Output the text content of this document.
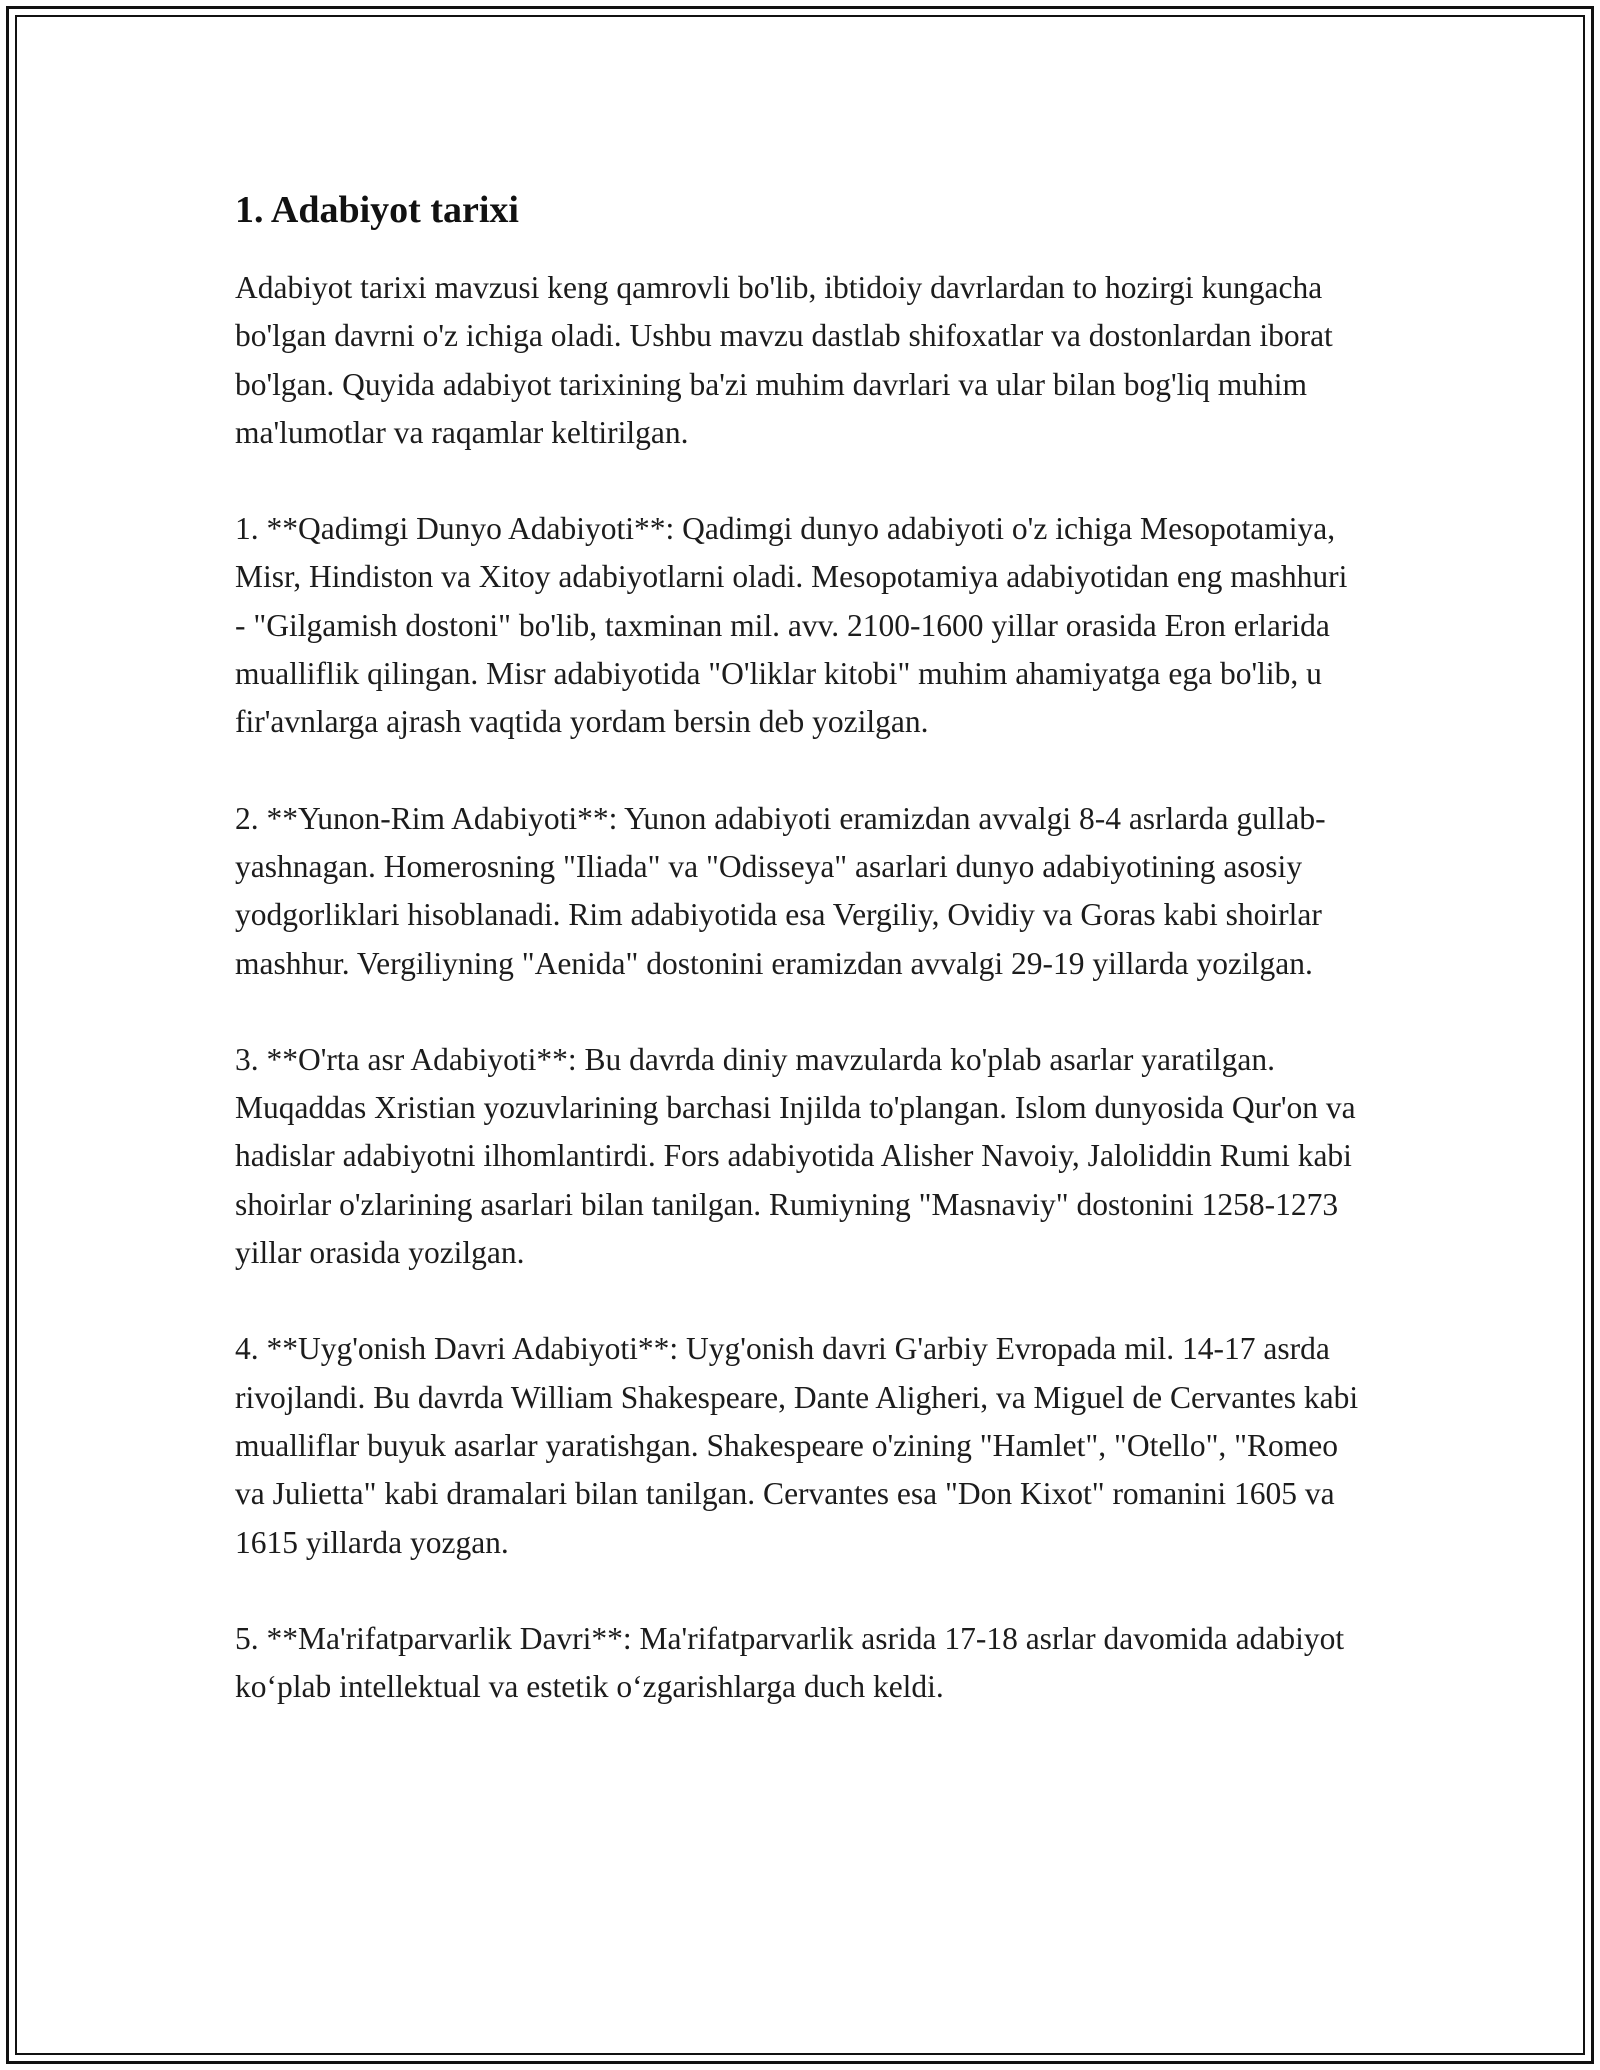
1. Adabiyot tarixi

Adabiyot tarixi mavzusi keng qamrovli bo'lib, ibtidoiy davrlardan to hozirgi kungacha bo'lgan davrni o'z ichiga oladi. Ushbu mavzu dastlab shifoxatlar va dostonlardan iborat bo'lgan. Quyida adabiyot tarixining ba'zi muhim davrlari va ular bilan bog'liq muhim ma'lumotlar va raqamlar keltirilgan.

1. **Qadimgi Dunyo Adabiyoti**: Qadimgi dunyo adabiyoti o'z ichiga Mesopotamiya, Misr, Hindiston va Xitoy adabiyotlarni oladi. Mesopotamiya adabiyotidan eng mashhuri - "Gilgamish dostoni" bo'lib, taxminan mil. avv. 2100-1600 yillar orasida Eron erlarida mualliflik qilingan. Misr adabiyotida "O'liklar kitobi" muhim ahamiyatga ega bo'lib, u fir'avnlarga ajrash vaqtida yordam bersin deb yozilgan.

2. **Yunon-Rim Adabiyoti**: Yunon adabiyoti eramizdan avvalgi 8-4 asrlarda gullab-yashnagan. Homerosning "Iliada" va "Odisseya" asarlari dunyo adabiyotining asosiy yodgorliklari hisoblanadi. Rim adabiyotida esa Vergiliy, Ovidiy va Goras kabi shoirlar mashhur. Vergiliyning "Aenida" dostonini eramizdan avvalgi 29-19 yillarda yozilgan.

3. **O'rta asr Adabiyoti**: Bu davrda diniy mavzularda ko'plab asarlar yaratilgan. Muqaddas Xristian yozuvlarining barchasi Injilda to'plangan. Islom dunyosida Qur'on va hadislar adabiyotni ilhomlantirdi. Fors adabiyotida Alisher Navoiy, Jaloliddin Rumi kabi shoirlar o'zlarining asarlari bilan tanilgan. Rumiyning "Masnaviy" dostonini 1258-1273 yillar orasida yozilgan.

4. **Uyg'onish Davri Adabiyoti**: Uyg'onish davri G'arbiy Evropada mil. 14-17 asrda rivojlandi. Bu davrda William Shakespeare, Dante Aligheri, va Miguel de Cervantes kabi mualliflar buyuk asarlar yaratishgan. Shakespeare o'zining "Hamlet", "Otello", "Romeo va Julietta" kabi dramalari bilan tanilgan. Cervantes esa "Don Kixot" romanini 1605 va 1615 yillarda yozgan.

5. **Ma'rifatparvarlik Davri**: Ma'rifatparvarlik asrida 17-18 asrlar davomida adabiyot ko‘plab intellektual va estetik o‘zgarishlarga duch keldi.
